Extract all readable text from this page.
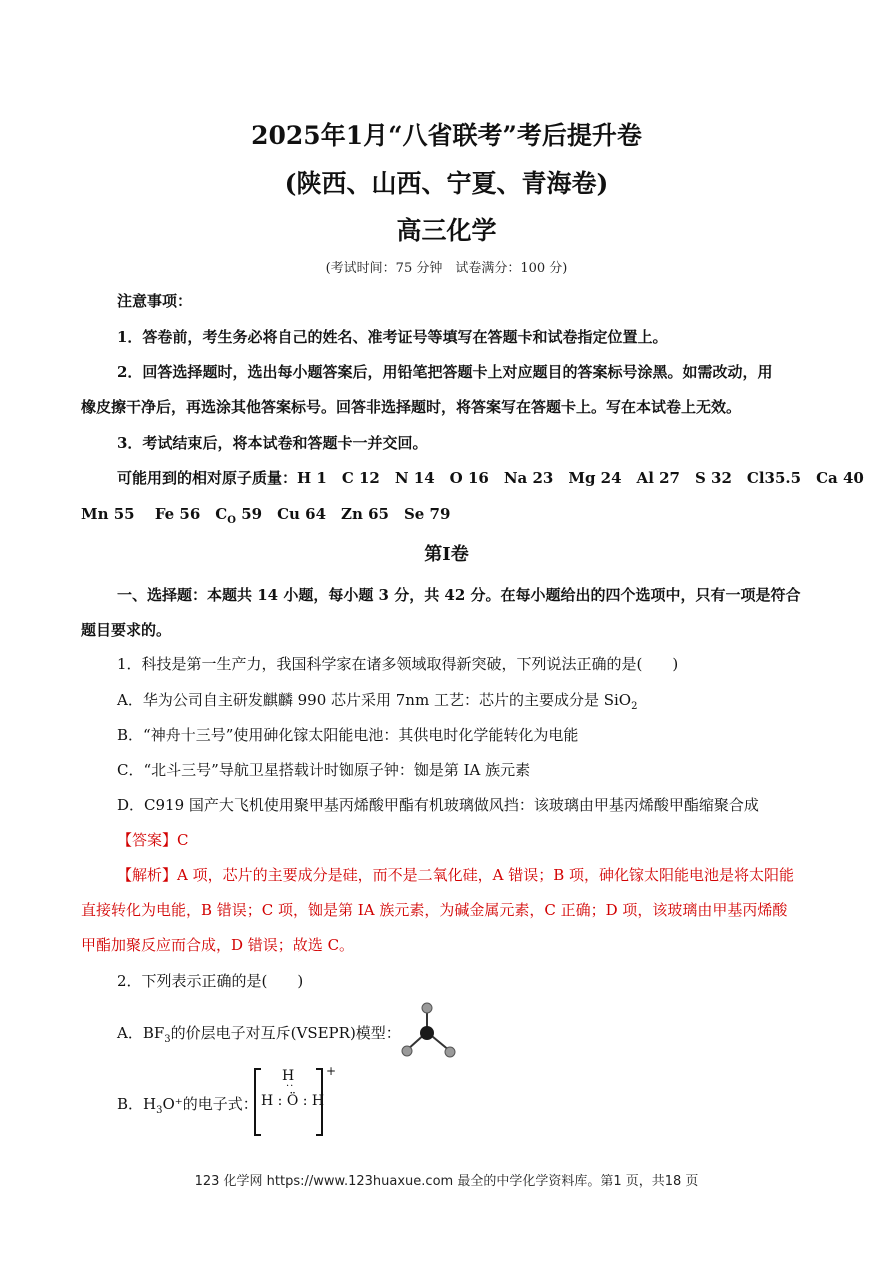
2025年1月“八省联考”考后提升卷
(陕西、山西、宁夏、青海卷)
高三化学
(考试时间：75 分钟　试卷满分：100 分)
注意事项：
1．答卷前，考生务必将自己的姓名、准考证号等填写在答题卡和试卷指定位置上。
2．回答选择题时，选出每小题答案后，用铅笔把答题卡上对应题目的答案标号涂黑。如需改动，用
橡皮擦干净后，再选涂其他答案标号。回答非选择题时，将答案写在答题卡上。写在本试卷上无效。
3．考试结束后，将本试卷和答题卡一并交回。
可能用到的相对原子质量：H 1　C 12　N 14　O 16　Na 23　Mg 24　Al 27　S 32　Cl35.5　Ca 40
Mn 55　 Fe 56　$C_O$ 59　Cu 64　Zn 65　Se 79
第I卷
一、选择题：本题共 14 小题，每小题 3 分，共 42 分。在每小题给出的四个选项中，只有一项是符合
题目要求的。
1．科技是第一生产力，我国科学家在诸多领域取得新突破，下列说法正确的是(　　)
A．华为公司自主研发麒麟 990 芯片采用 7nm 工艺：芯片的主要成分是 SiO$_2$
B．“神舟十三号”使用砷化镓太阳能电池：其供电时化学能转化为电能
C．“北斗三号”导航卫星搭载计时铷原子钟：铷是第 IA 族元素
D．C919 国产大飞机使用聚甲基丙烯酸甲酯有机玻璃做风挡：该玻璃由甲基丙烯酸甲酯缩聚合成
【答案】C
【解析】A 项，芯片的主要成分是硅，而不是二氧化硅，A 错误；B 项，砷化镓太阳能电池是将太阳能
直接转化为电能，B 错误；C 项，铷是第 IA 族元素，为碱金属元素，C 正确；D 项，该玻璃由甲基丙烯酸
甲酯加聚反应而合成，D 错误；故选 C。
2．下列表示正确的是(　　)
A．$BF_3$的价层电子对互斥(VSEPR)模型：
B．$H_3O^+$的电子式：
H
··
H : Ö : H
+
123 化学网 https://www.123huaxue.com 最全的中学化学资料库。第1 页，共18 页
